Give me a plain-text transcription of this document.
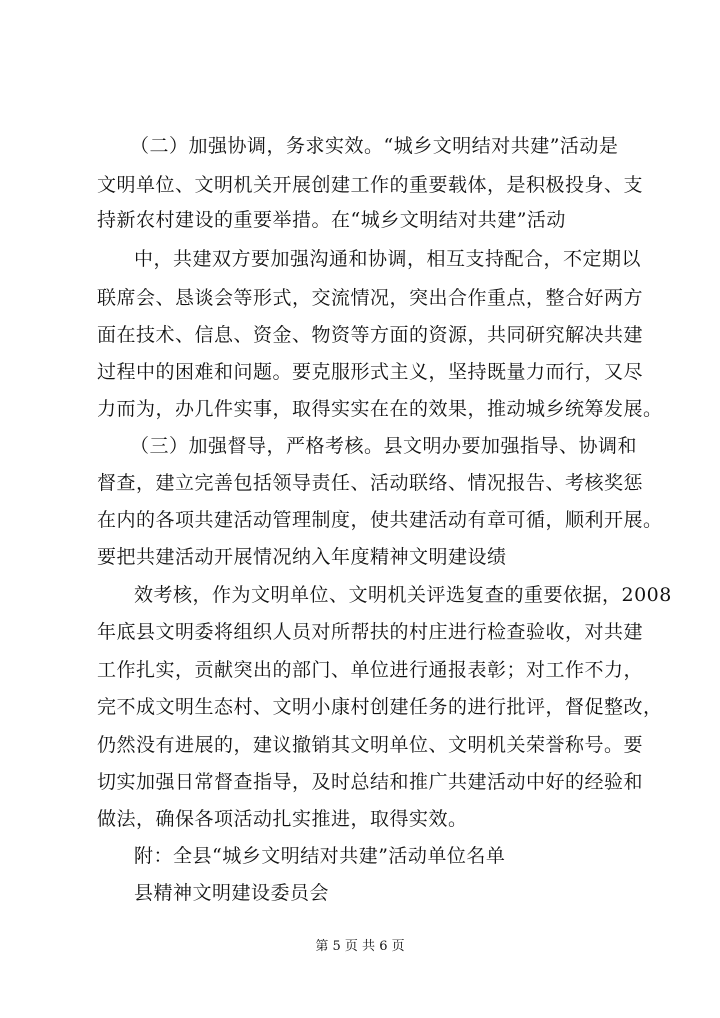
（二）加强协调，务求实效。“城乡文明结对共建”活动是
文明单位、文明机关开展创建工作的重要载体，是积极投身、支
持新农村建设的重要举措。在“城乡文明结对共建”活动
中，共建双方要加强沟通和协调，相互支持配合，不定期以
联席会、恳谈会等形式，交流情况，突出合作重点，整合好两方
面在技术、信息、资金、物资等方面的资源，共同研究解决共建
过程中的困难和问题。要克服形式主义，坚持既量力而行，又尽
力而为，办几件实事，取得实实在在的效果，推动城乡统筹发展。
（三）加强督导，严格考核。县文明办要加强指导、协调和
督查，建立完善包括领导责任、活动联络、情况报告、考核奖惩
在内的各项共建活动管理制度，使共建活动有章可循，顺利开展。
要把共建活动开展情况纳入年度精神文明建设绩
效考核，作为文明单位、文明机关评选复查的重要依据，2008
年底县文明委将组织人员对所帮扶的村庄进行检查验收，对共建
工作扎实，贡献突出的部门、单位进行通报表彰；对工作不力，
完不成文明生态村、文明小康村创建任务的进行批评，督促整改，
仍然没有进展的，建议撤销其文明单位、文明机关荣誉称号。要
切实加强日常督查指导，及时总结和推广共建活动中好的经验和
做法，确保各项活动扎实推进，取得实效。
附：全县“城乡文明结对共建”活动单位名单
县精神文明建设委员会
第 5 页 共 6 页
